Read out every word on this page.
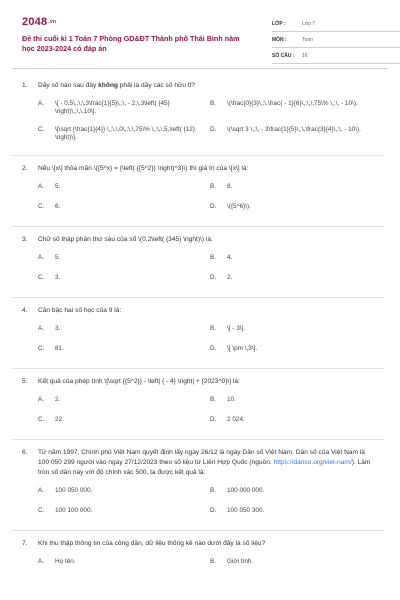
2048.vn
Đề thi cuối kì 1 Toán 7 Phòng GD&ĐT Thành phố Thái Bình năm học 2023-2024 có đáp án
LỚP :	Lớp 7
MÔN :	Toán
SỐ CÂU :	16
1.	Dãy số nào sau đây không phải là dãy các số hữu tỉ?
A.	\[ - 0,5\,;\,\,3\frac{1}{5}\,;\, - 2,\,3\left( {45} \right)\,;\,\,10\].
B.	\(\frac{0}{3}\,;\,\frac{ - 1}{6}\,;\,\,75\% \,;\, - 10\).
C.	\[\sqrt {\frac{1}{4}} \,;\,\,0\,;\,\,75\% \,;\,\,5,\left( {12} \right)\].
D.	\(\sqrt 3 \,;\, - 3\frac{1}{5}\,;\,\frac{3}{4}\,;\, - 10\).
2.	Nếu \[x\] thỏa mãn \({5^x} = {\left( {{5^2}} \right)^3}\) thì giá trị của \[x\] là:
A.	5.	B.	8.
C.	6.	D.	\({5^6}\).
3.	Chữ số thập phân thứ sáu của số \(0,2\left( {345} \right)\) là:
A.	5.	B.	4.
C.	3.	D.	2.
4.	Căn bậc hai số học của 9 là:
A.	3.	B.	\[ - 3\].
C.	81.	D.	\[ \pm \,3\].
5.	Kết quả của phép tính \[\sqrt {{5^2}} - \left| { - 4} \right| + {2023^0}\] là:
A.	2.	B.	10.
C.	22.	D.	2 024.
6.	Từ năm 1997, Chính phủ Việt Nam quyết định lấy ngày 26/12 là ngày Dân số Việt Nam. Dân số của Việt Nam là 100 050 299 người vào ngày 27/12/2023 theo số liệu từ Liên Hợp Quốc (nguồn: https://danso.org/viet-nam/). Làm tròn số dân này với độ chính xác 500, ta được kết quả là:
A.	100 050 000.	B.	100 000 000.
C.	100 100 000.	D.	100 050 300.
7.	Khi thu thập thông tin của công dân, dữ liệu thống kê nào dưới đây là số liệu?
A.	Họ tên.	B.	Giới tính.
